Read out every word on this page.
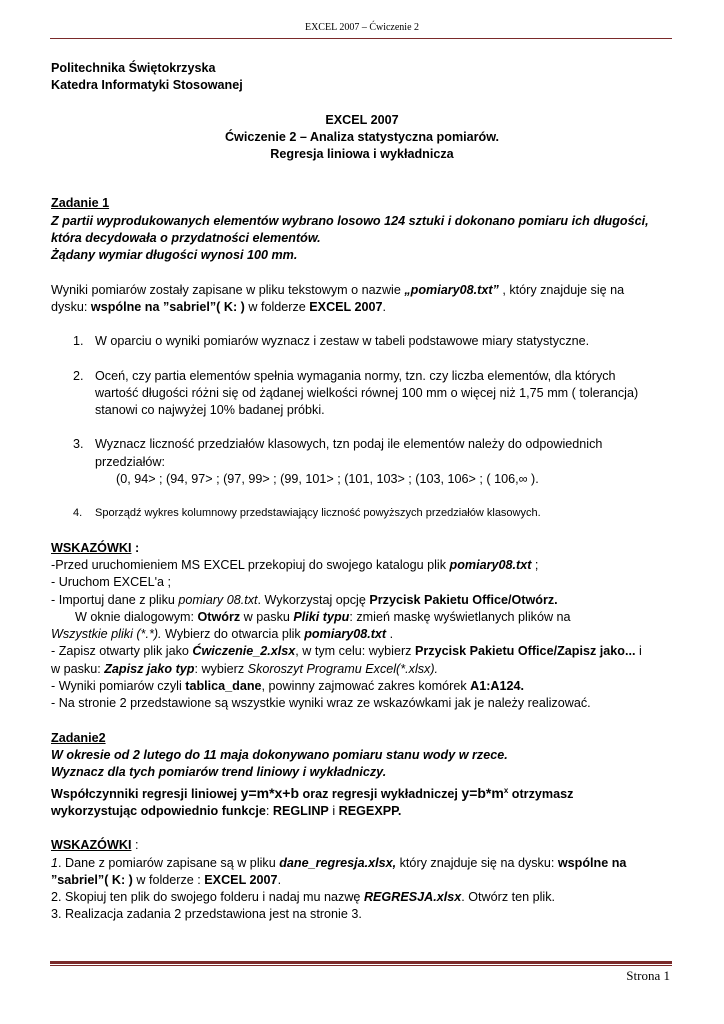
EXCEL 2007 – Ćwiczenie 2

Politechnika Świętokrzyska

Katedra Informatyki Stosowanej

EXCEL 2007

Ćwiczenie 2 – Analiza statystyczna pomiarów.

Regresja liniowa i wykładnicza

Zadanie 1

Z partii wyprodukowanych elementów wybrano losowo 124 sztuki i dokonano pomiaru ich długości,

która decydowała o przydatności elementów.

Żądany wymiar długości wynosi 100 mm.

Wyniki pomiarów zostały zapisane w pliku tekstowym o nazwie „pomiary08.txt” , który znajduje się na

dysku: wspólne na ”sabriel”( K: ) w folderze EXCEL 2007.

1. W oparciu o wyniki pomiarów wyznacz i zestaw w tabeli podstawowe miary statystyczne.
2. Oceń, czy partia elementów spełnia wymagania normy, tzn. czy liczba elementów, dla których
wartość długości różni się od żądanej wielkości równej 100 mm o więcej niż 1,75 mm ( tolerancja)
stanowi co najwyżej 10% badanej próbki.
3. Wyznacz liczność przedziałów klasowych, tzn podaj ile elementów należy do odpowiednich
przedziałów:
(0, 94> ; (94, 97> ; (97, 99> ; (99, 101> ; (101, 103> ; (103, 106> ; ( 106,∞ ).
4. Sporządź wykres kolumnowy przedstawiający liczność powyższych przedziałów klasowych.

WSKAZÓWKI :

-Przed uruchomieniem MS EXCEL przekopiuj do swojego katalogu plik pomiary08.txt ;

- Uruchom EXCEL'a ;

- Importuj dane z pliku pomiary 08.txt. Wykorzystaj opcję Przycisk Pakietu Office/Otwórz.

W oknie dialogowym: Otwórz w pasku Pliki typu: zmień maskę wyświetlanych plików na

Wszystkie pliki (*.*). Wybierz do otwarcia plik pomiary08.txt .

- Zapisz otwarty plik jako Ćwiczenie_2.xlsx, w tym celu: wybierz Przycisk Pakietu Office/Zapisz jako... i

w pasku: Zapisz jako typ: wybierz Skoroszyt Programu Excel(*.xlsx).

- Wyniki pomiarów czyli tablica_dane, powinny zajmować zakres komórek A1:A124.

- Na stronie 2 przedstawione są wszystkie wyniki wraz ze wskazówkami jak je należy realizować.

Zadanie2

W okresie od 2 lutego do 11 maja dokonywano pomiaru stanu wody w rzece.

Wyznacz dla tych pomiarów trend liniowy i wykładniczy.

Współczynniki regresji liniowej y=m*x+b oraz regresji wykładniczej $y=b*m^x$ otrzymasz

wykorzystując odpowiednio funkcje: REGLINP i REGEXPP.

WSKAZÓWKI :

1. Dane z pomiarów zapisane są w pliku dane_regresja.xlsx, który znajduje się na dysku: wspólne na

”sabriel”( K: ) w folderze : EXCEL 2007.

2. Skopiuj ten plik do swojego folderu i nadaj mu nazwę REGRESJA.xlsx. Otwórz ten plik.

3. Realizacja zadania 2 przedstawiona jest na stronie 3.

Strona 1
